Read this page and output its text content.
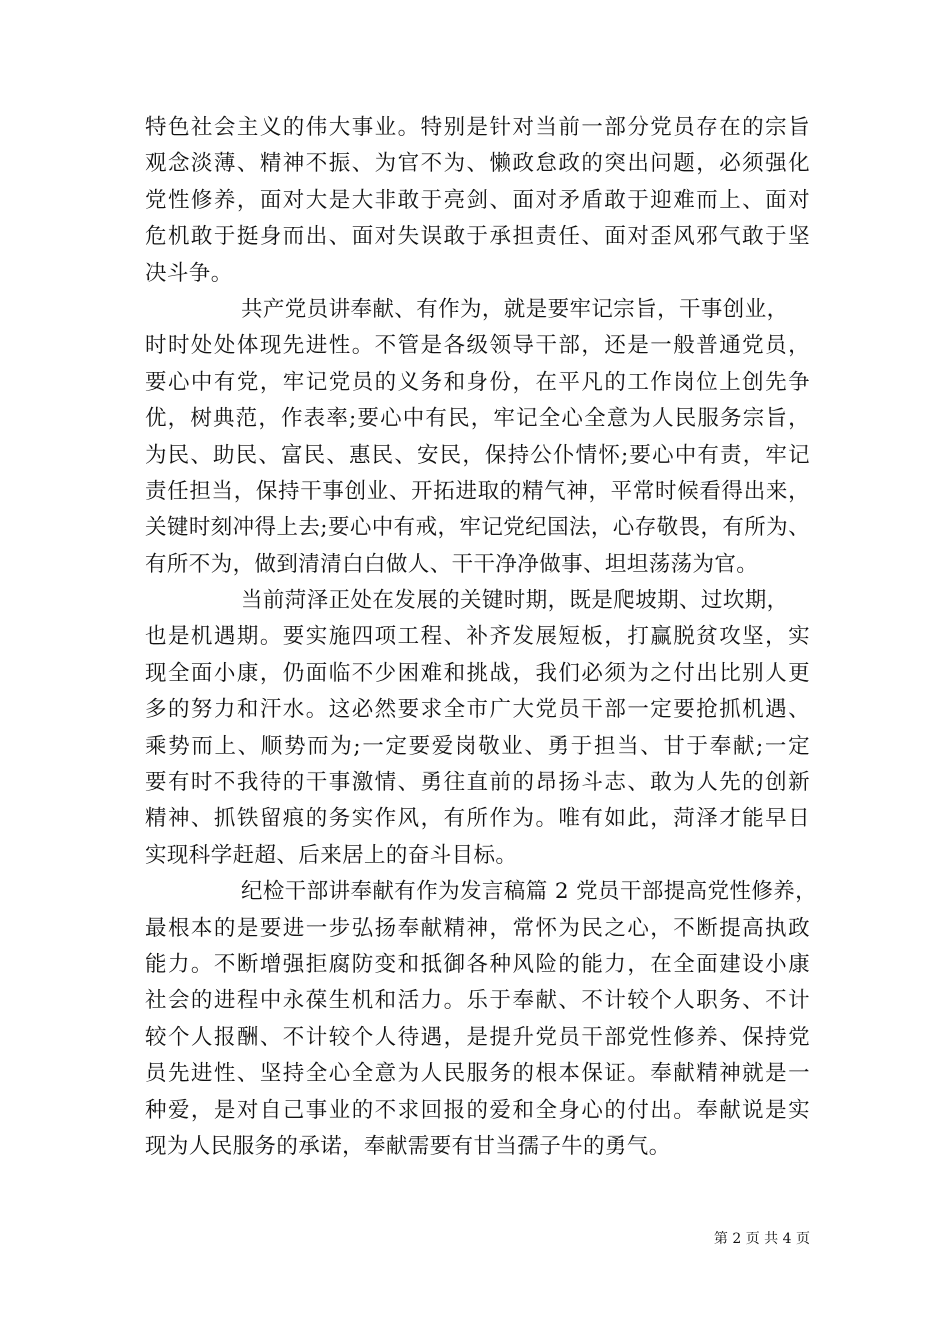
特色社会主义的伟大事业。特别是针对当前一部分党员存在的宗旨
观念淡薄、精神不振、为官不为、懒政怠政的突出问题，必须强化
党性修养，面对大是大非敢于亮剑、面对矛盾敢于迎难而上、面对
危机敢于挺身而出、面对失误敢于承担责任、面对歪风邪气敢于坚
决斗争。
共产党员讲奉献、有作为，就是要牢记宗旨，干事创业，
时时处处体现先进性。不管是各级领导干部，还是一般普通党员，
要心中有党，牢记党员的义务和身份，在平凡的工作岗位上创先争
优，树典范，作表率;要心中有民，牢记全心全意为人民服务宗旨，
为民、助民、富民、惠民、安民，保持公仆情怀;要心中有责，牢记
责任担当，保持干事创业、开拓进取的精气神，平常时候看得出来，
关键时刻冲得上去;要心中有戒，牢记党纪国法，心存敬畏，有所为、
有所不为，做到清清白白做人、干干净净做事、坦坦荡荡为官。
当前菏泽正处在发展的关键时期，既是爬坡期、过坎期，
也是机遇期。要实施四项工程、补齐发展短板，打赢脱贫攻坚，实
现全面小康，仍面临不少困难和挑战，我们必须为之付出比别人更
多的努力和汗水。这必然要求全市广大党员干部一定要抢抓机遇、
乘势而上、顺势而为;一定要爱岗敬业、勇于担当、甘于奉献;一定
要有时不我待的干事激情、勇往直前的昂扬斗志、敢为人先的创新
精神、抓铁留痕的务实作风，有所作为。唯有如此，菏泽才能早日
实现科学赶超、后来居上的奋斗目标。
纪检干部讲奉献有作为发言稿篇 2 党员干部提高党性修养，
最根本的是要进一步弘扬奉献精神，常怀为民之心，不断提高执政
能力。不断增强拒腐防变和抵御各种风险的能力，在全面建设小康
社会的进程中永葆生机和活力。乐于奉献、不计较个人职务、不计
较个人报酬、不计较个人待遇，是提升党员干部党性修养、保持党
员先进性、坚持全心全意为人民服务的根本保证。奉献精神就是一
种爱，是对自己事业的不求回报的爱和全身心的付出。奉献说是实
现为人民服务的承诺，奉献需要有甘当孺子牛的勇气。
第 2 页 共 4 页
